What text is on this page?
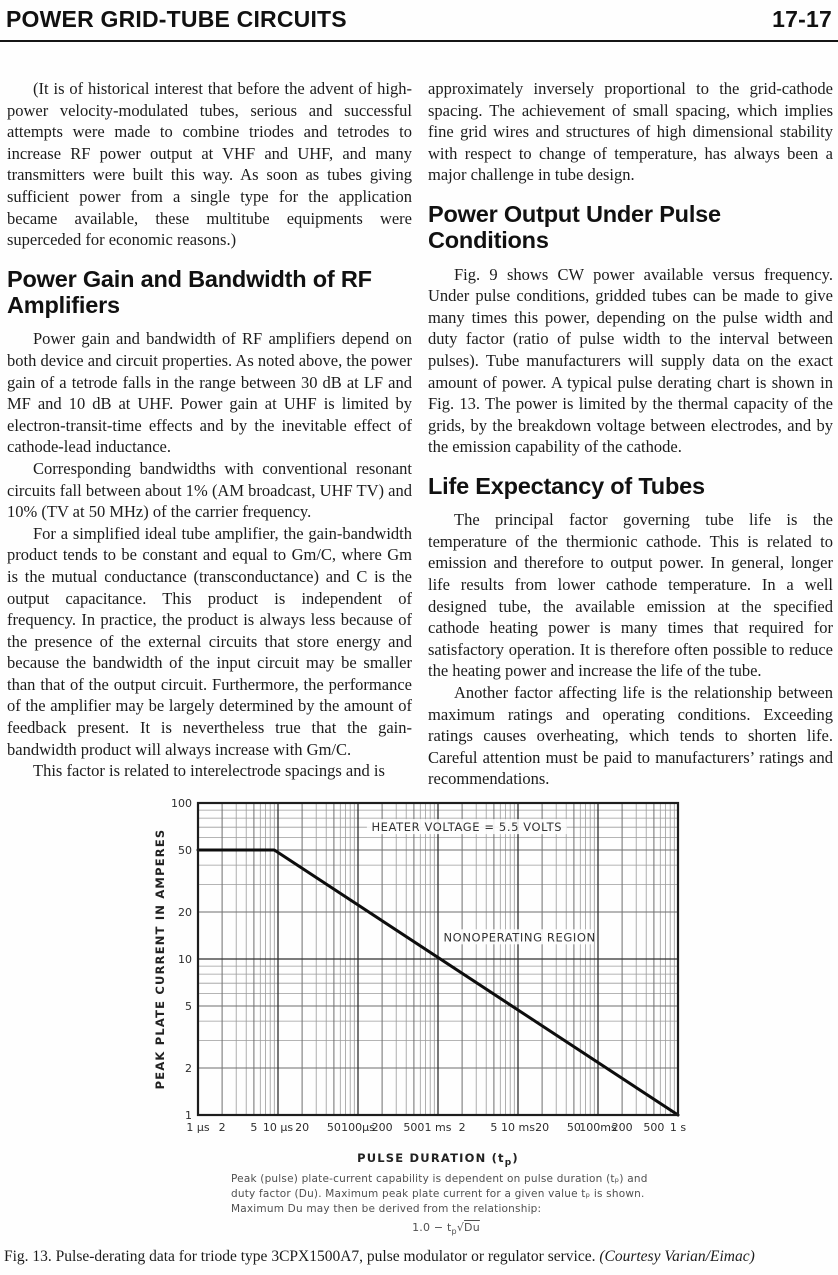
POWER GRID-TUBE CIRCUITS	17-17

(It is of historical interest that before the advent of high-power velocity-modulated tubes, serious and successful attempts were made to combine triodes and tetrodes to increase RF power output at VHF and UHF, and many transmitters were built this way. As soon as tubes giving sufficient power from a single type for the application became available, these multitube equipments were superceded for economic reasons.)

Power Gain and Bandwidth of RF Amplifiers

Power gain and bandwidth of RF amplifiers depend on both device and circuit properties. As noted above, the power gain of a tetrode falls in the range between 30 dB at LF and MF and 10 dB at UHF. Power gain at UHF is limited by electron-transit-time effects and by the inevitable effect of cathode-lead inductance.

Corresponding bandwidths with conventional resonant circuits fall between about 1% (AM broadcast, UHF TV) and 10% (TV at 50 MHz) of the carrier frequency.

For a simplified ideal tube amplifier, the gain-bandwidth product tends to be constant and equal to Gm/C, where Gm is the mutual conductance (transconductance) and C is the output capacitance. This product is independent of frequency. In practice, the product is always less because of the presence of the external circuits that store energy and because the bandwidth of the input circuit may be smaller than that of the output circuit. Furthermore, the performance of the amplifier may be largely determined by the amount of feedback present. It is nevertheless true that the gain-bandwidth product will always increase with Gm/C.

This factor is related to interelectrode spacings and is

approximately inversely proportional to the grid-cathode spacing. The achievement of small spacing, which implies fine grid wires and structures of high dimensional stability with respect to change of temperature, has always been a major challenge in tube design.

Power Output Under Pulse Conditions

Fig. 9 shows CW power available versus frequency. Under pulse conditions, gridded tubes can be made to give many times this power, depending on the pulse width and duty factor (ratio of pulse width to the interval between pulses). Tube manufacturers will supply data on the exact amount of power. A typical pulse derating chart is shown in Fig. 13. The power is limited by the thermal capacity of the grids, by the breakdown voltage between electrodes, and by the emission capability of the cathode.

Life Expectancy of Tubes

The principal factor governing tube life is the temperature of the thermionic cathode. This is related to emission and therefore to output power. In general, longer life results from lower cathode temperature. In a well designed tube, the available emission at the specified cathode heating power is many times that required for satisfactory operation. It is therefore often possible to reduce the heating power and increase the life of the tube.

Another factor affecting life is the relationship between maximum ratings and operating conditions. Exceeding ratings causes overheating, which tends to shorten life. Careful attention must be paid to manufacturers’ ratings and recommendations.

HEATER VOLTAGE = 5.5 VOLTS
NONOPERATING REGION
1
2
5
10
20
50
100
1 µs 2 5 10 µs 20 50 100µs
200 500 1 ms 2 5 10 ms 20 50
100ms
200 500 1 s
PEAK PLATE CURRENT IN AMPERES
PULSE DURATION $(t_p)$
Peak (pulse) plate-current capability is dependent on pulse duration (tₚ) and
duty factor (Du). Maximum peak plate current for a given value tₚ is shown.
Maximum Du may then be derived from the relationship:
$1.0 - t_p√Du$
Fig. 13. Pulse-derating data for triode type 3CPX1500A7, pulse modulator or regulator service. (Courtesy Varian/Eimac)
